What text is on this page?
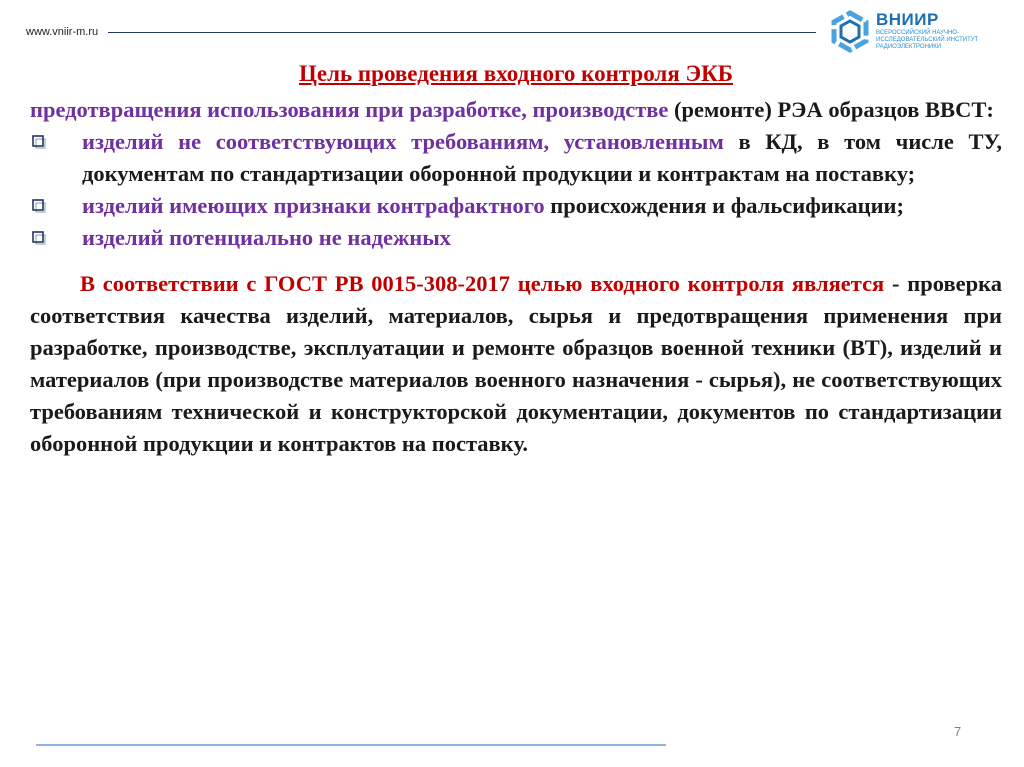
www.vniir-m.ru
ВНИИР
ВСЕРОССИЙСКИЙ НАУЧНО-ИССЛЕДОВАТЕЛЬСКИЙ ИНСТИТУТ РАДИОЭЛЕКТРОНИКИ
Цель проведения входного контроля ЭКБ

предотвращения использования при разработке, производстве (ремонте) РЭА образцов ВВСТ:

изделий не соответствующих требованиям, установленным в КД, в том числе ТУ, документам по стандартизации оборонной продукции и контрактам на поставку;
изделий имеющих признаки контрафактного происхождения и фальсификации;
изделий потенциально не надежных

В соответствии с ГОСТ РВ 0015-308-2017 целью входного контроля является - проверка соответствия качества изделий, материалов, сырья и предотвращения применения при разработке, производстве, эксплуатации и ремонте образцов военной техники (ВТ), изделий и материалов (при производстве материалов военного назначения - сырья), не соответствующих требованиям технической и конструкторской документации, документов по стандартизации оборонной продукции и контрактов на поставку.

7
